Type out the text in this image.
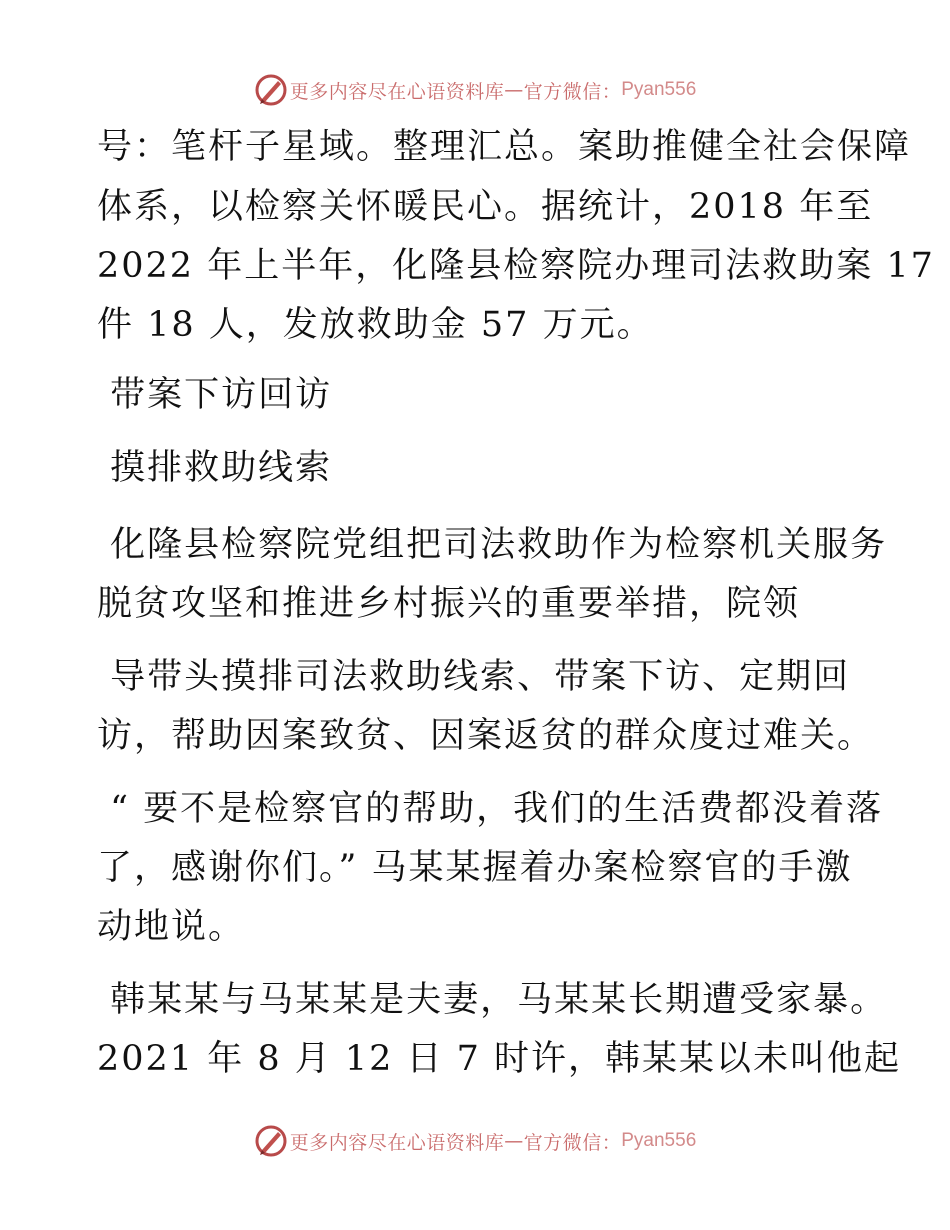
更多内容尽在心语资料库 — 官方微信： Pyan556
号：笔杆子星域。整理汇总。案助推健全社会保障
体系，以检察关怀暖民心。据统计，2018 年至
2022 年上半年，化隆县检察院办理司法救助案 17
件 18 人，发放救助金 57 万元。
带案下访回访
摸排救助线索
化隆县检察院党组把司法救助作为检察机关服务
脱贫攻坚和推进乡村振兴的重要举措，院领
导带头摸排司法救助线索、带案下访、定期回
访，帮助因案致贫、因案返贫的群众度过难关。
“ 要不是检察官的帮助，我们的生活费都没着落
了，感谢你们。” 马某某握着办案检察官的手激
动地说。
韩某某与马某某是夫妻，马某某长期遭受家暴。
2021 年 8 月 12 日 7 时许，韩某某以未叫他起
更多内容尽在心语资料库 — 官方微信： Pyan556
